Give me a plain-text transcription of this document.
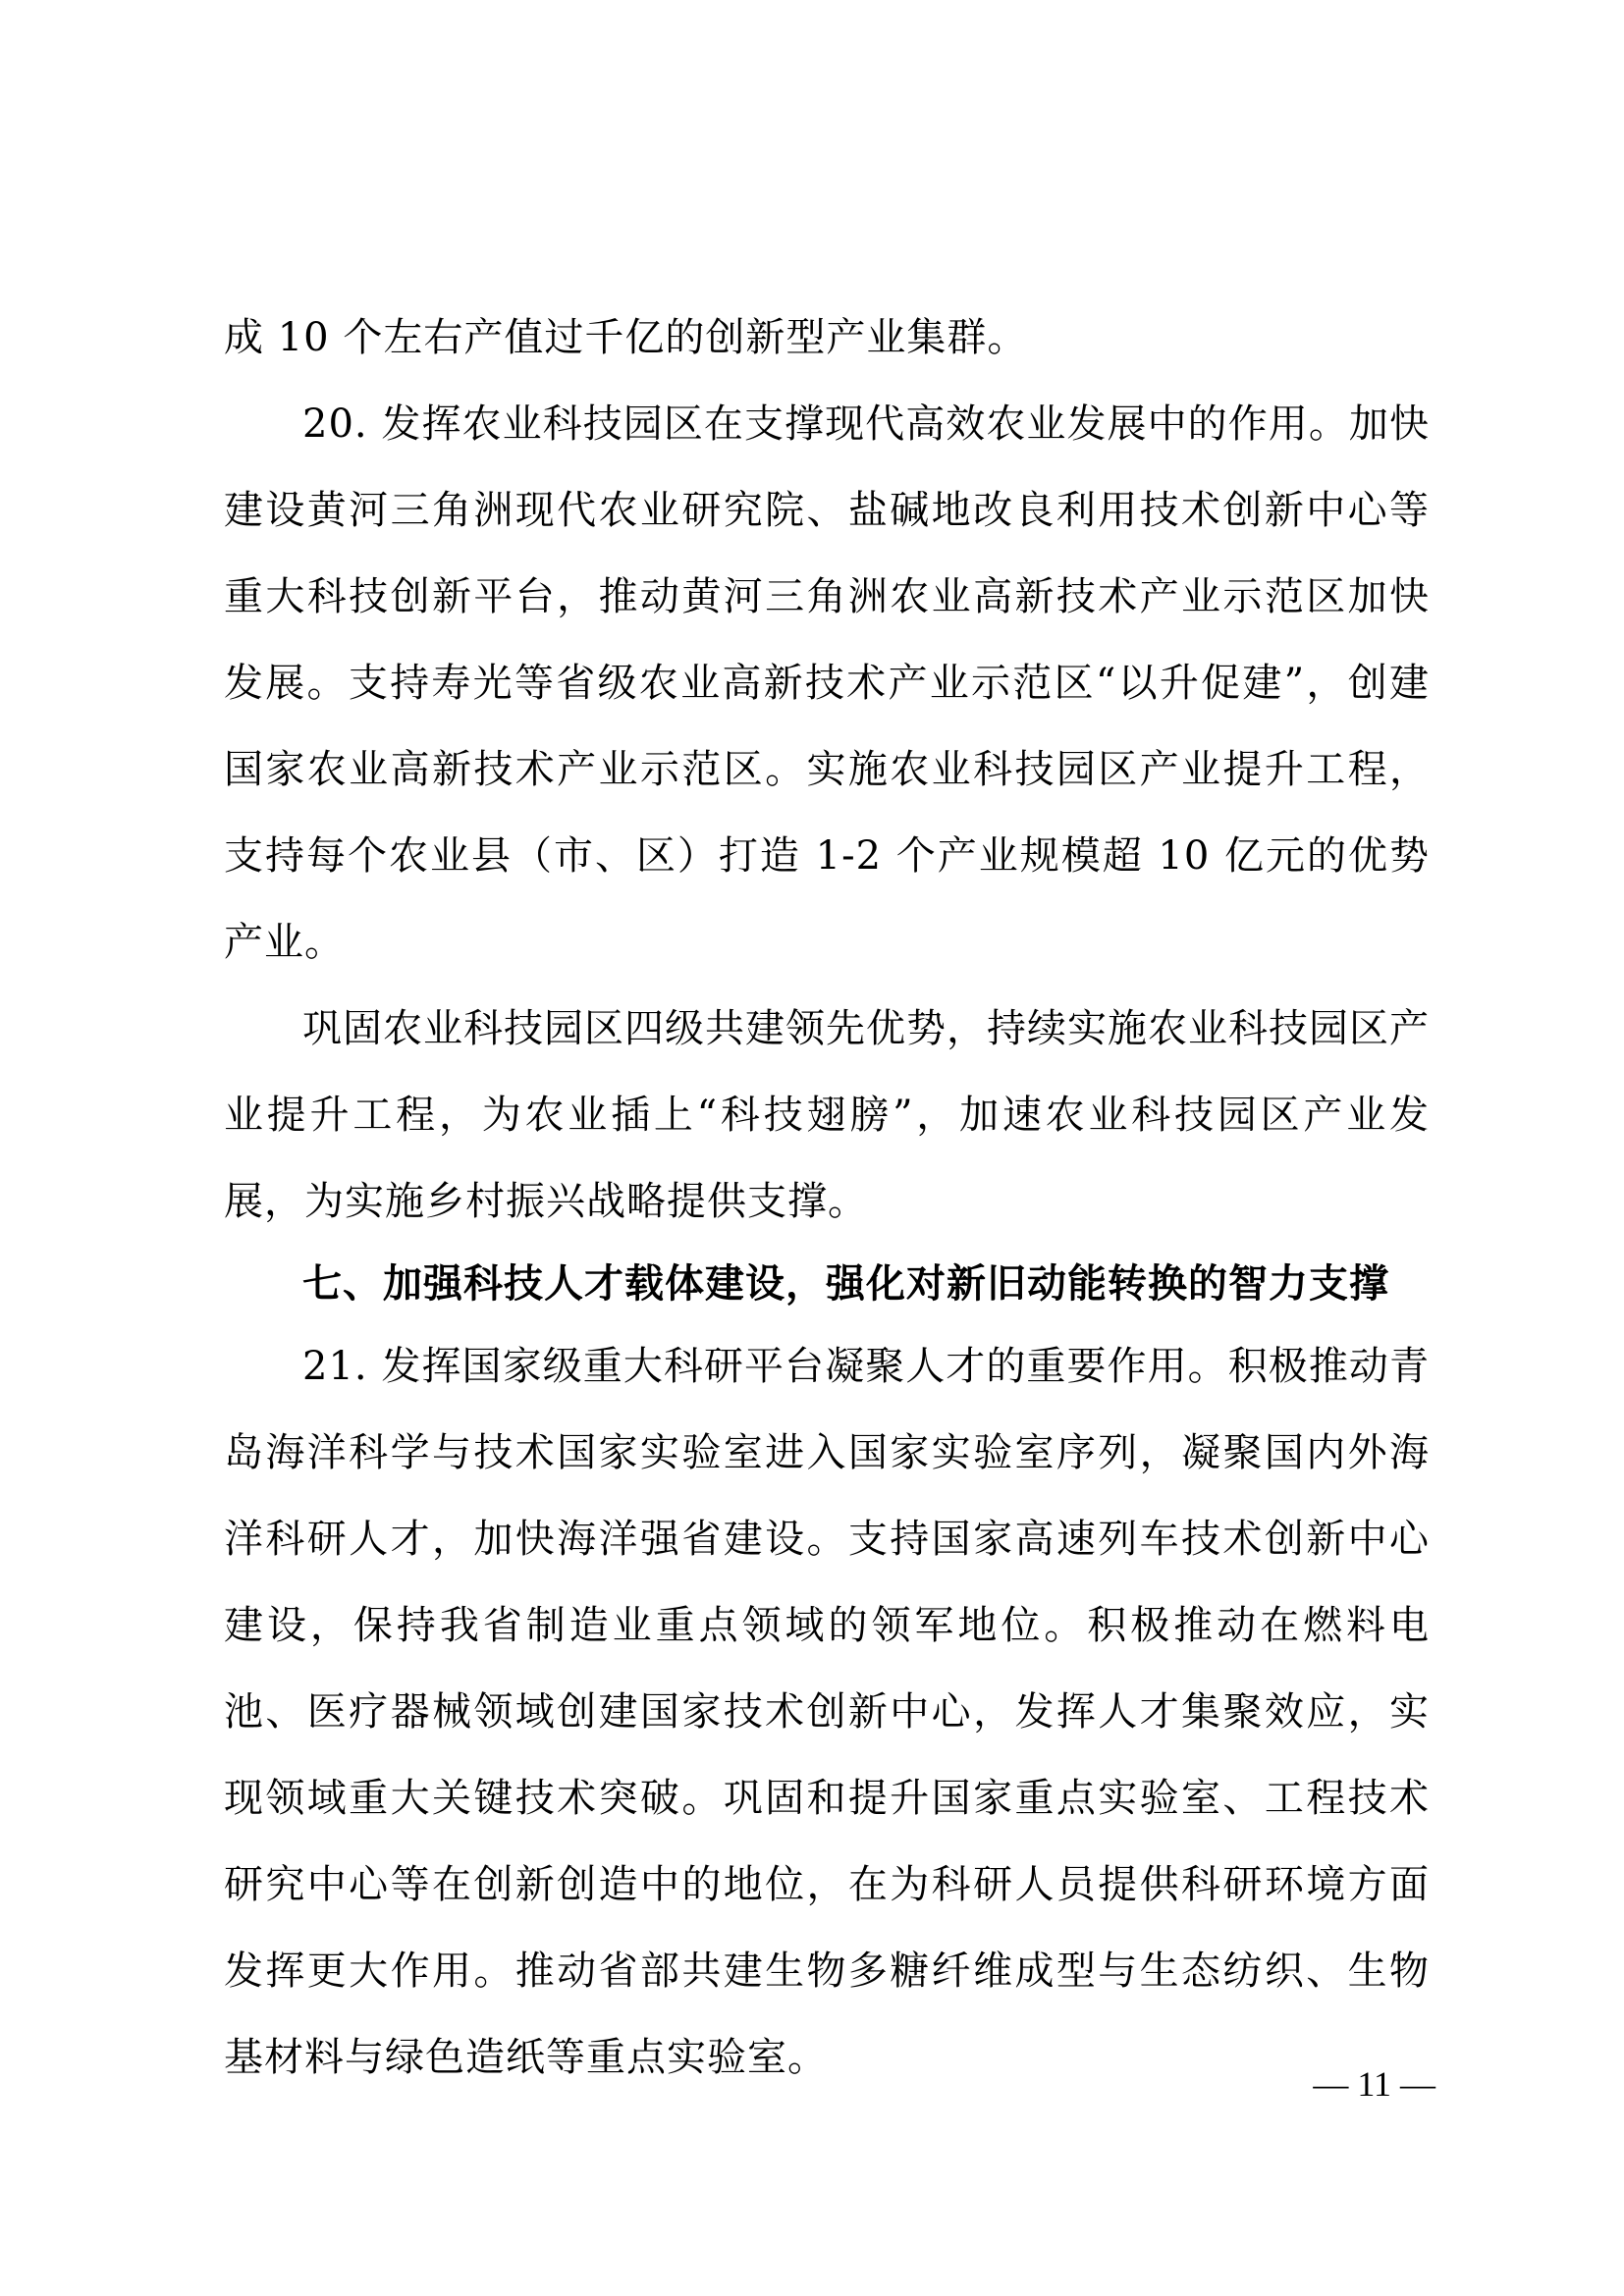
成 10 个左右产值过千亿的创新型产业集群。

20. 发挥农业科技园区在支撑现代高效农业发展中的作用。加快建设黄河三角洲现代农业研究院、盐碱地改良利用技术创新中心等重大科技创新平台，推动黄河三角洲农业高新技术产业示范区加快发展。支持寿光等省级农业高新技术产业示范区“以升促建”，创建国家农业高新技术产业示范区。实施农业科技园区产业提升工程，支持每个农业县（市、区）打造 1-2 个产业规模超 10 亿元的优势产业。

巩固农业科技园区四级共建领先优势，持续实施农业科技园区产业提升工程，为农业插上“科技翅膀”，加速农业科技园区产业发展，为实施乡村振兴战略提供支撑。

七、加强科技人才载体建设，强化对新旧动能转换的智力支撑

21. 发挥国家级重大科研平台凝聚人才的重要作用。积极推动青岛海洋科学与技术国家实验室进入国家实验室序列，凝聚国内外海洋科研人才，加快海洋强省建设。支持国家高速列车技术创新中心建设，保持我省制造业重点领域的领军地位。积极推动在燃料电池、医疗器械领域创建国家技术创新中心，发挥人才集聚效应，实现领域重大关键技术突破。巩固和提升国家重点实验室、工程技术研究中心等在创新创造中的地位，在为科研人员提供科研环境方面发挥更大作用。推动省部共建生物多糖纤维成型与生态纺织、生物基材料与绿色造纸等重点实验室。

— 11 —
